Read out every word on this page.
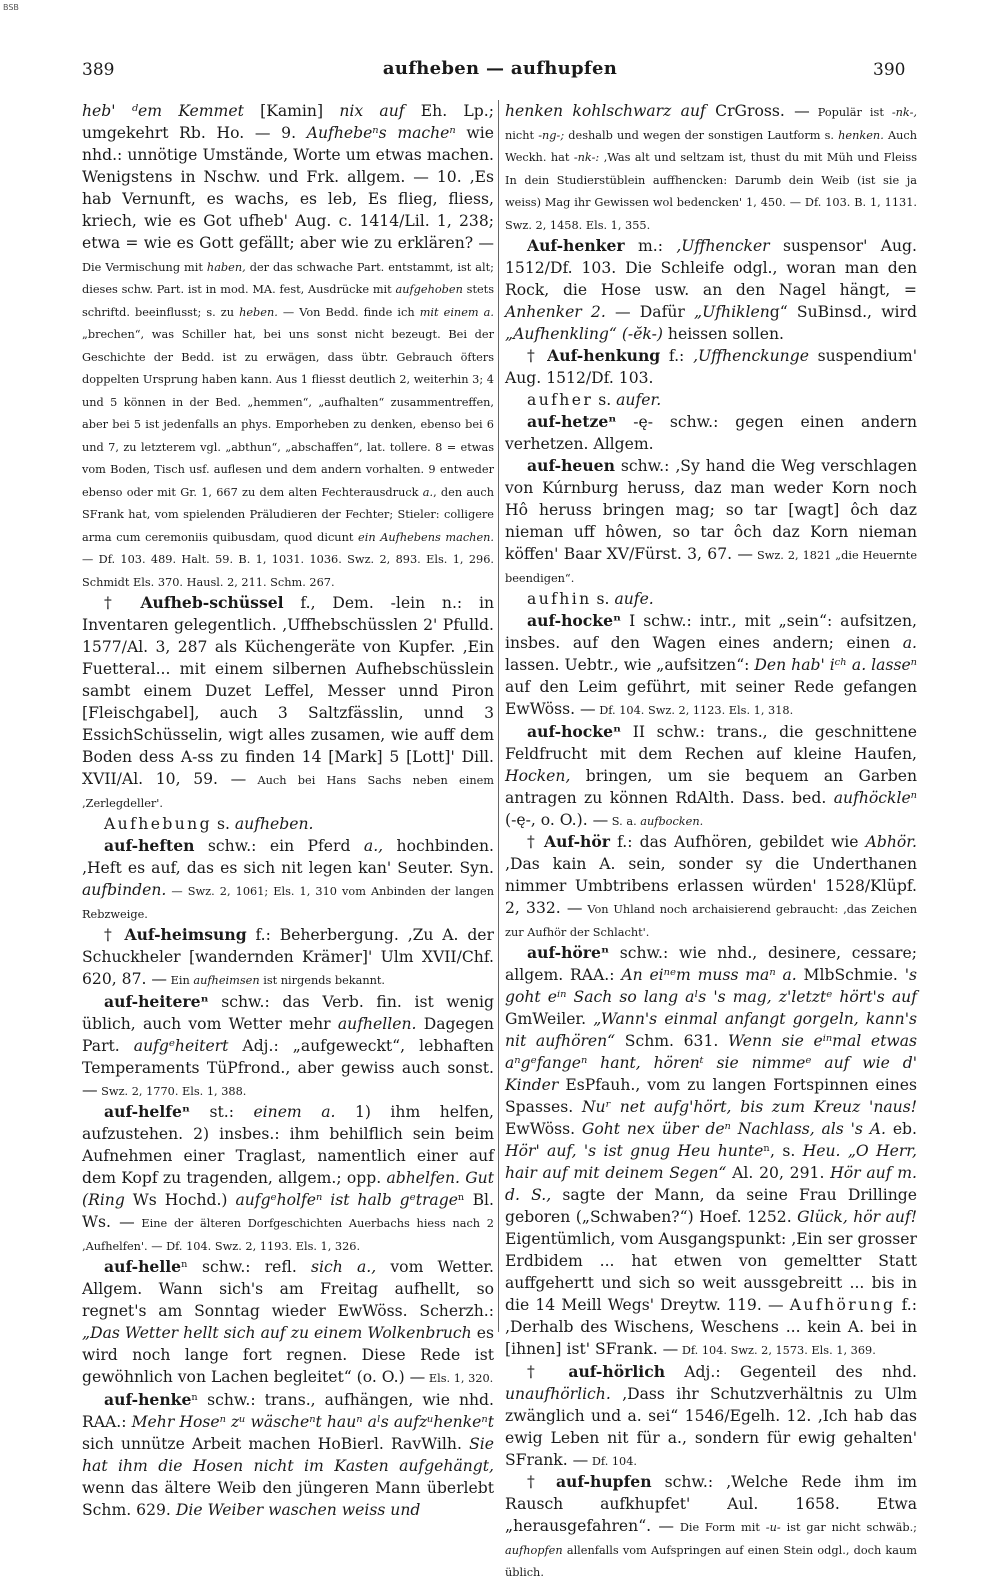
BSB
389	aufheben — aufhupfen	390

heb' ᵈem Kemmet [Kamin] nix auf Eh. Lp.; umgekehrt Rb. Ho. — 9. Aufhebeⁿs macheⁿ wie nhd.: unnötige Umstände, Worte um etwas machen. Wenigstens in Nschw. und Frk. allgem. — 10. ‚Es hab Vernunft, es wachs, es leb, Es flieg, fliess, kriech, wie es Got ufheb' Aug. c. 1414/Lil. 1, 238; etwa = wie es Gott gefällt; aber wie zu erklären? — Die Vermischung mit haben, der das schwache Part. entstammt, ist alt; dieses schw. Part. ist in mod. MA. fest, Ausdrücke mit aufgehoben stets schriftd. beeinflusst; s. zu heben. — Von Bedd. finde ich mit einem a. „brechen“, was Schiller hat, bei uns sonst nicht bezeugt. Bei der Geschichte der Bedd. ist zu erwägen, dass übtr. Gebrauch öfters doppelten Ursprung haben kann. Aus 1 fliesst deutlich 2, weiterhin 3; 4 und 5 können in der Bed. „hemmen“, „aufhalten“ zusammentreffen, aber bei 5 ist jedenfalls an phys. Emporheben zu denken, ebenso bei 6 und 7, zu letzterem vgl. „abthun“, „abschaffen“, lat. tollere. 8 = etwas vom Boden, Tisch usf. auflesen und dem andern vorhalten. 9 entweder ebenso oder mit Gr. 1, 667 zu dem alten Fechterausdruck a., den auch SFrank hat, vom spielenden Präludieren der Fechter; Stieler: colligere arma cum ceremoniis quibusdam, quod dicunt ein Aufhebens machen. — Df. 103. 489. Halt. 59. B. 1, 1031. 1036. Swz. 2, 893. Els. 1, 296. Schmidt Els. 370. Hausl. 2, 211. Schm. 267.

† Aufheb-schüssel f., Dem. -lein n.: in Inventaren gelegentlich. ‚Uffhebschüsslen 2' Pfulld. 1577/Al. 3, 287 als Küchengeräte von Kupfer. ‚Ein Fuetteral... mit einem silbernen Aufhebschüsslein sambt einem Duzet Leffel, Messer unnd Piron [Fleischgabel], auch 3 Saltzfässlin, unnd 3 EssichSchüsselin, wigt alles zusamen, wie auff dem Boden dess A-ss zu finden 14 [Mark] 5 [Lott]' Dill. XVII/Al. 10, 59. — Auch bei Hans Sachs neben einem ‚Zerlegdeller'.

Aufhebung s. aufheben.

auf-heften schw.: ein Pferd a., hochbinden. ‚Heft es auf, das es sich nit legen kan' Seuter. Syn. aufbinden. — Swz. 2, 1061; Els. 1, 310 vom Anbinden der langen Rebzweige.

† Auf-heimsung f.: Beherbergung. ‚Zu A. der Schuckheler [wandernden Krämer]' Ulm XVII/Chf. 620, 87. — Ein aufheimsen ist nirgends bekannt.

auf-heitereⁿ schw.: das Verb. fin. ist wenig üblich, auch vom Wetter mehr aufhellen. Dagegen Part. aufgᵉheitert Adj.: „aufgeweckt“, lebhaften Temperaments TüPfrond., aber gewiss auch sonst. — Swz. 2, 1770. Els. 1, 388.

auf-helfeⁿ st.: einem a. 1) ihm helfen, aufzustehen. 2) insbes.: ihm behilflich sein beim Aufnehmen einer Traglast, namentlich einer auf dem Kopf zu tragenden, allgem.; opp. abhelfen. Gut (Ring Ws Hochd.) aufgᵉholfeⁿ ist halb gᵉtrageⁿ Bl. Ws. — Eine der älteren Dorfgeschichten Auerbachs hiess nach 2 ‚Aufhelfen'. — Df. 104. Swz. 2, 1193. Els. 1, 326.

auf-helleⁿ schw.: refl. sich a., vom Wetter. Allgem. Wann sich's am Freitag aufhellt, so regnet's am Sonntag wieder EwWöss. Scherzh.: „Das Wetter hellt sich auf zu einem Wolkenbruch es wird noch lange fort regnen. Diese Rede ist gewöhnlich von Lachen begleitet“ (o. O.) — Els. 1, 320.

auf-henkeⁿ schw.: trans., aufhängen, wie nhd. RAA.: Mehr Hoseⁿ zᵘ wäscheⁿt hauⁿ aˡs aufzᵘhenkeⁿt sich unnütze Arbeit machen HoBierl. RavWilh. Sie hat ihm die Hosen nicht im Kasten aufgehängt, wenn das ältere Weib den jüngeren Mann überlebt Schm. 629. Die Weiber waschen weiss und

henken kohlschwarz auf CrGross. — Populär ist -nk-, nicht -ng-; deshalb und wegen der sonstigen Lautform s. henken. Auch Weckh. hat -nk-: ‚Was alt und seltzam ist, thust du mit Müh und Fleiss In dein Studierstüblein auffhencken: Darumb dein Weib (ist sie ja weiss) Mag ihr Gewissen wol bedencken' 1, 450. — Df. 103. B. 1, 1131. Swz. 2, 1458. Els. 1, 355.

Auf-henker m.: ‚Uffhencker suspensor' Aug. 1512/Df. 103. Die Schleife odgl., woran man den Rock, die Hose usw. an den Nagel hängt, = Anhenker 2. — Dafür „Ufhikleng“ SuBinsd., wird „Aufhenkling“ (-ĕk-) heissen sollen.

† Auf-henkung f.: ‚Uffhenckunge suspendium' Aug. 1512/Df. 103.

aufher s. aufer.

auf-hetzeⁿ -ę- schw.: gegen einen andern verhetzen. Allgem.

auf-heuen schw.: ‚Sy hand die Weg verschlagen von Kúrnburg heruss, daz man weder Korn noch Hô heruss bringen mag; so tar [wagt] ôch daz nieman uff hôwen, so tar ôch daz Korn nieman köffen' Baar XV/Fürst. 3, 67. — Swz. 2, 1821 „die Heuernte beendigen“.

aufhin s. aufe.

auf-hockeⁿ I schw.: intr., mit „sein“: aufsitzen, insbes. auf den Wagen eines andern; einen a. lassen. Uebtr., wie „aufsitzen“: Den hab' iᶜʰ a. lasseⁿ auf den Leim geführt, mit seiner Rede gefangen EwWöss. — Df. 104. Swz. 2, 1123. Els. 1, 318.

auf-hockeⁿ II schw.: trans., die geschnittene Feldfrucht mit dem Rechen auf kleine Haufen, Hocken, bringen, um sie bequem an Garben antragen zu können RdAlth. Dass. bed. aufhöckleⁿ (-ę-, o. O.). — S. a. aufbocken.

† Auf-hör f.: das Aufhören, gebildet wie Abhör. ‚Das kain A. sein, sonder sy die Underthanen nimmer Umbtribens erlassen würden' 1528/Klüpf. 2, 332. — Von Uhland noch archaisierend gebraucht: ‚das Zeichen zur Aufhör der Schlacht'.

auf-höreⁿ schw.: wie nhd., desinere, cessare; allgem. RAA.: An eiⁿᵉm muss maⁿ a. MlbSchmie. 's goht eⁱⁿ Sach so lang aˡs 's mag, z'letztᵉ hört's auf GmWeiler. „Wann's einmal anfangt gorgeln, kann's nit aufhören“ Schm. 631. Wenn sie eⁱⁿmal etwas aⁿgᵉfangeⁿ hant, hörenᵗ sie nimmeᵉ auf wie d' Kinder EsPfauh., vom zu langen Fortspinnen eines Spasses. Nuʳ net aufg'hört, bis zum Kreuz 'naus! EwWöss. Goht nex über deⁿ Nachlass, als 's A. eb. Hör' auf, 's ist gnug Heu hunteⁿ, s. Heu. „O Herr, hair auf mit deinem Segen“ Al. 20, 291. Hör auf m. d. S., sagte der Mann, da seine Frau Drillinge geboren („Schwaben?“) Hoef. 1252. Glück, hör auf! Eigentümlich, vom Ausgangspunkt: ‚Ein ser grosser Erdbidem ... hat etwen von gemeltter Statt auffgehertt und sich so weit aussgebreitt ... bis in die 14 Meill Wegs' Dreytw. 119. — Aufhörung f.: ‚Derhalb des Wischens, Weschens ... kein A. bei in [ihnen] ist' SFrank. — Df. 104. Swz. 2, 1573. Els. 1, 369.

† auf-hörlich Adj.: Gegenteil des nhd. unaufhörlich. ‚Dass ihr Schutzverhältnis zu Ulm zwänglich und a. sei“ 1546/Egelh. 12. ‚Ich hab das ewig Leben nit für a., sondern für ewig gehalten' SFrank. — Df. 104.

† auf-hupfen schw.: ‚Welche Rede ihm im Rausch aufkhupfet' Aul. 1658. Etwa „herausgefahren“. — Die Form mit -u- ist gar nicht schwäb.; aufhopfen allenfalls vom Aufspringen auf einen Stein odgl., doch kaum üblich.
